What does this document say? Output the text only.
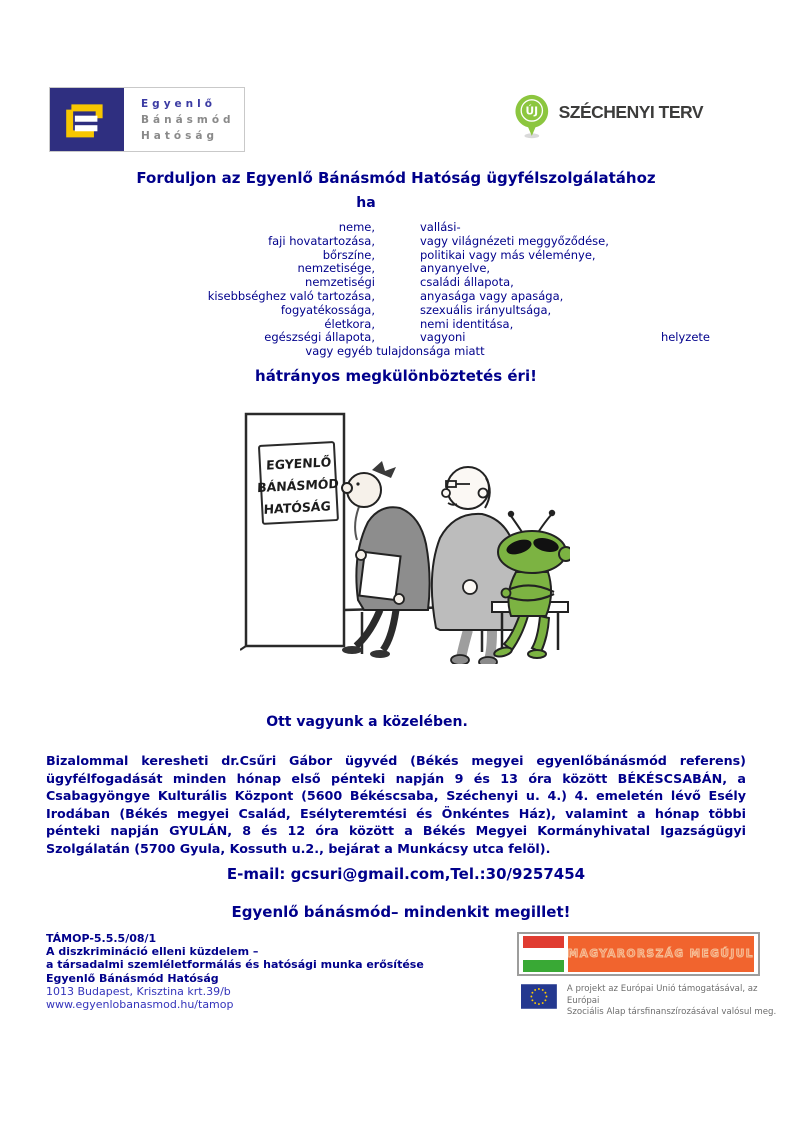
Egyenlő
Bánásmód
Hatóság
ÚJ SZÉCHENYI TERV
Forduljon az Egyenlő Bánásmód Hatóság ügyfélszolgálatához
ha
neme,	vallási-
faji hovatartozása,	vagy világnézeti meggyőződése,
bőrszíne,	politikai vagy más véleménye,
nemzetisége,	anyanyelve,
nemzetiségi	családi állapota,
kisebbséghez való tartozása,	anyasága vagy apasága,
fogyatékossága,	szexuális irányultsága,
életkora,	nemi identitása,
egészségi állapota,	vagyoni	helyzete
vagy egyéb tulajdonsága miatt
hátrányos megkülönböztetés éri!
EGYENLŐ
BÁNÁSMÓD
HATÓSÁG
Ott vagyunk a közelében.
Bizalommal keresheti dr.Csűri Gábor ügyvéd (Békés megyei egyenlőbánásmód referens) ügyfélfogadását minden hónap első pénteki napján 9 és 13 óra között BÉKÉSCSABÁN, a Csabagyöngye Kulturális Központ (5600 Békéscsaba, Széchenyi u. 4.) 4. emeletén lévő Esély Irodában (Békés megyei Család, Esélyteremtési és Önkéntes Ház), valamint a hónap többi pénteki napján GYULÁN, 8 és 12 óra között a Békés Megyei Kormányhivatal Igazságügyi Szolgálatán (5700 Gyula, Kossuth u.2., bejárat a Munkácsy utca felöl).
E-mail: gcsuri@gmail.com,Tel.:30/9257454
Egyenlő bánásmód– mindenkit megillet!
TÁMOP-5.5.5/08/1
A diszkrimináció elleni küzdelem –
a társadalmi szemléletformálás és hatósági munka erősítése
Egyenlő Bánásmód Hatóság
1013 Budapest, Krisztina krt.39/b
www.egyenlobanasmod.hu/tamop
MAGYARORSZÁG MEGÚJUL
A projekt az Európai Unió támogatásával, az Európai
Szociális Alap társfinanszírozásával valósul meg.
